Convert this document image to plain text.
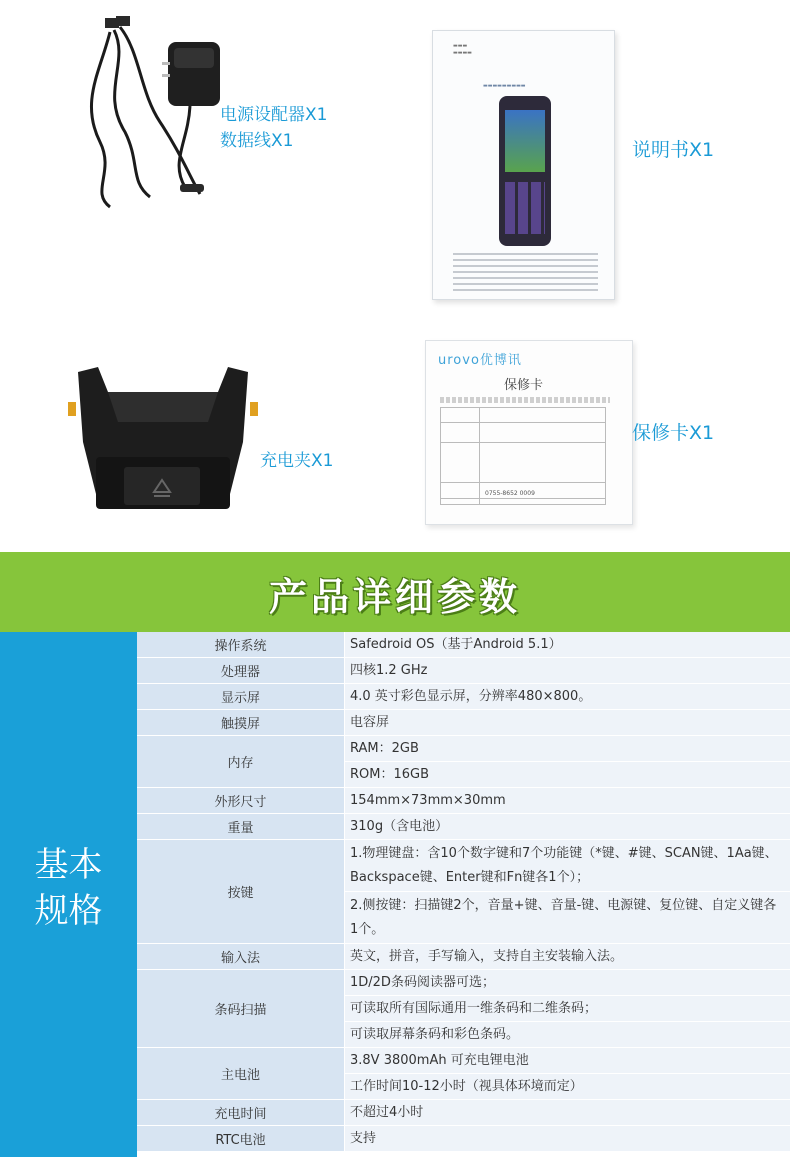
电源设配器X1
数据线X1
▬▬▬
▬▬▬▬
▬▬▬▬▬▬▬▬▬
说明书X1
充电夹X1
urovo优博讯
保修卡
0755-8652 0009
保修卡X1
产品详细参数
基本
规格
操作系统	Safedroid OS（基于Android 5.1）
处理器	四核1.2 GHz
显示屏	4.0 英寸彩色显示屏，分辨率480×800。
触摸屏	电容屏
内存
RAM：2GB
ROM：16GB
外形尺寸	154mm×73mm×30mm
重量	310g（含电池）
按键
1.物理键盘：含10个数字键和7个功能键（*键、#键、SCAN键、1Aa键、Backspace键、Enter键和Fn键各1个）；
2.侧按键：扫描键2个，音量+键、音量-键、电源键、复位键、自定义键各1个。
输入法	英文，拼音，手写输入，支持自主安装输入法。
条码扫描
1D/2D条码阅读器可选；
可读取所有国际通用一维条码和二维条码；
可读取屏幕条码和彩色条码。
主电池
3.8V 3800mAh 可充电锂电池
工作时间10-12小时（视具体环境而定）
充电时间	不超过4小时
RTC电池	支持
